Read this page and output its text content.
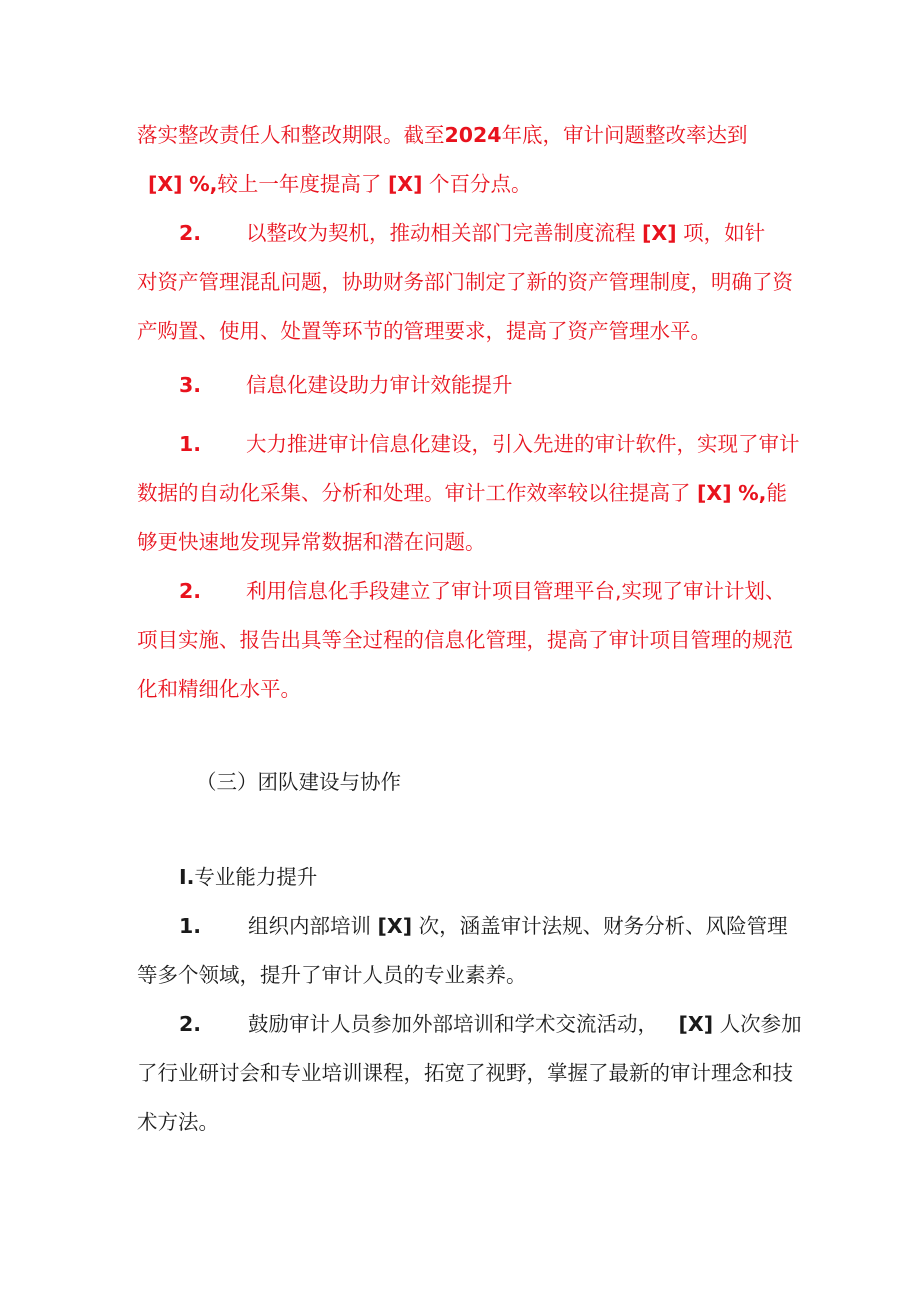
落实整改责任人和整改期限。截至2024年底，审计问题整改率达到
[X] %,较上一年度提高了 [X] 个百分点。
2. 以整改为契机，推动相关部门完善制度流程 [X] 项，如针
对资产管理混乱问题，协助财务部门制定了新的资产管理制度，明确了资
产购置、使用、处置等环节的管理要求，提高了资产管理水平。
3. 信息化建设助力审计效能提升
1. 大力推进审计信息化建设，引入先进的审计软件，实现了审计
数据的自动化采集、分析和处理。审计工作效率较以往提高了 [X] %,能
够更快速地发现异常数据和潜在问题。
2. 利用信息化手段建立了审计项目管理平台,实现了审计计划、
项目实施、报告出具等全过程的信息化管理，提高了审计项目管理的规范
化和精细化水平。
（三）团队建设与协作
I.专业能力提升
1. 组织内部培训 [X] 次，涵盖审计法规、财务分析、风险管理
等多个领域，提升了审计人员的专业素养。
2. 鼓励审计人员参加外部培训和学术交流活动， [X] 人次参加
了行业研讨会和专业培训课程，拓宽了视野，掌握了最新的审计理念和技
术方法。
